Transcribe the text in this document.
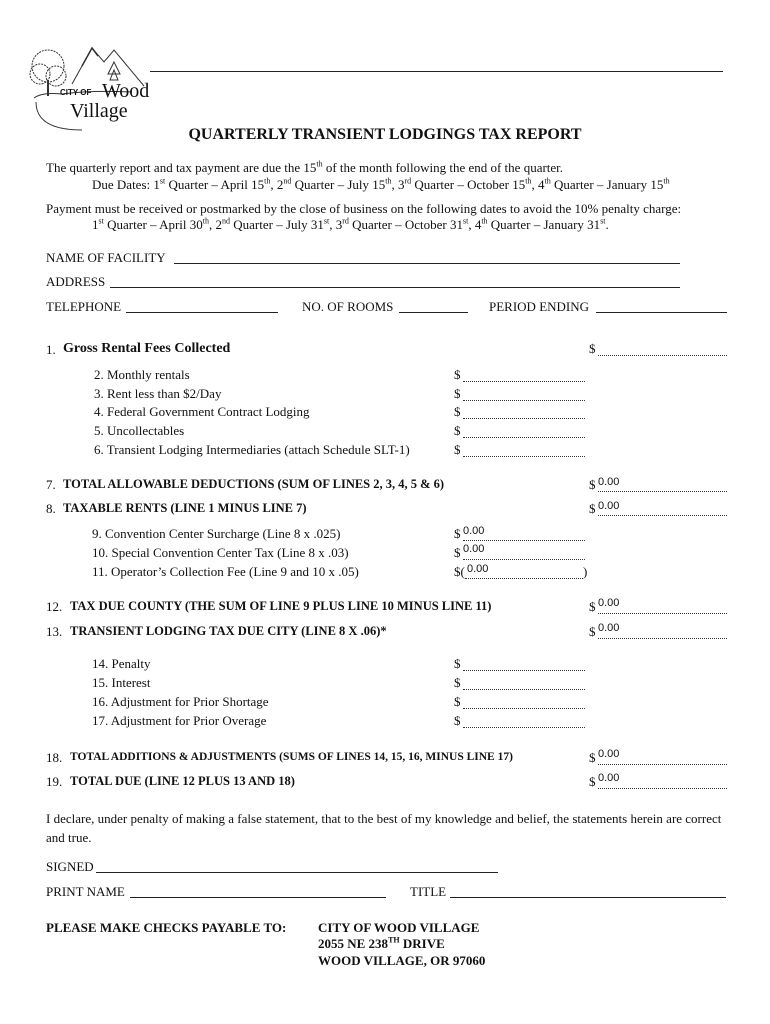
CITY OF Wood
Village
QUARTERLY TRANSIENT LODGINGS TAX REPORT
The quarterly report and tax payment are due the 15th of the month following the end of the quarter.
Due Dates: 1st Quarter – April 15th, 2nd Quarter – July 15th, 3rd Quarter – October 15th, 4th Quarter – January 15th
Payment must be received or postmarked by the close of business on the following dates to avoid the 10% penalty charge:
1st Quarter – April 30th, 2nd Quarter – July 31st, 3rd Quarter – October 31st, 4th Quarter – January 31st.
NAME OF FACILITY
ADDRESS
TELEPHONE	NO. OF ROOMS	PERIOD ENDING
1. Gross Rental Fees Collected	$
2. Monthly rentals	$
3. Rent less than $2/Day	$
4. Federal Government Contract Lodging	$
5. Uncollectables	$
6. Transient Lodging Intermediaries (attach Schedule SLT-1)	$
7. TOTAL ALLOWABLE DEDUCTIONS (SUM OF LINES 2, 3, 4, 5 & 6)	$ 0.00
8. TAXABLE RENTS (LINE 1 MINUS LINE 7)	$ 0.00
9. Convention Center Surcharge (Line 8 x .025)	$ 0.00
10. Special Convention Center Tax (Line 8 x .03)	$ 0.00
11. Operator’s Collection Fee (Line 9 and 10 x .05)	$( 0.00	)
12. TAX DUE COUNTY (THE SUM OF LINE 9 PLUS LINE 10 MINUS LINE 11)	$ 0.00
13. TRANSIENT LODGING TAX DUE CITY (LINE 8 X .06)*	$ 0.00
14. Penalty	$
15. Interest	$
16. Adjustment for Prior Shortage	$
17. Adjustment for Prior Overage	$
18. TOTAL ADDITIONS & ADJUSTMENTS (SUMS OF LINES 14, 15, 16, MINUS LINE 17)	$ 0.00
19. TOTAL DUE (LINE 12 PLUS 13 AND 18)	$ 0.00
I declare, under penalty of making a false statement, that to the best of my knowledge and belief, the statements herein are correct and true.
SIGNED
PRINT NAME	TITLE
PLEASE MAKE CHECKS PAYABLE TO: CITY OF WOOD VILLAGE
2055 NE 238TH DRIVE
WOOD VILLAGE, OR 97060
